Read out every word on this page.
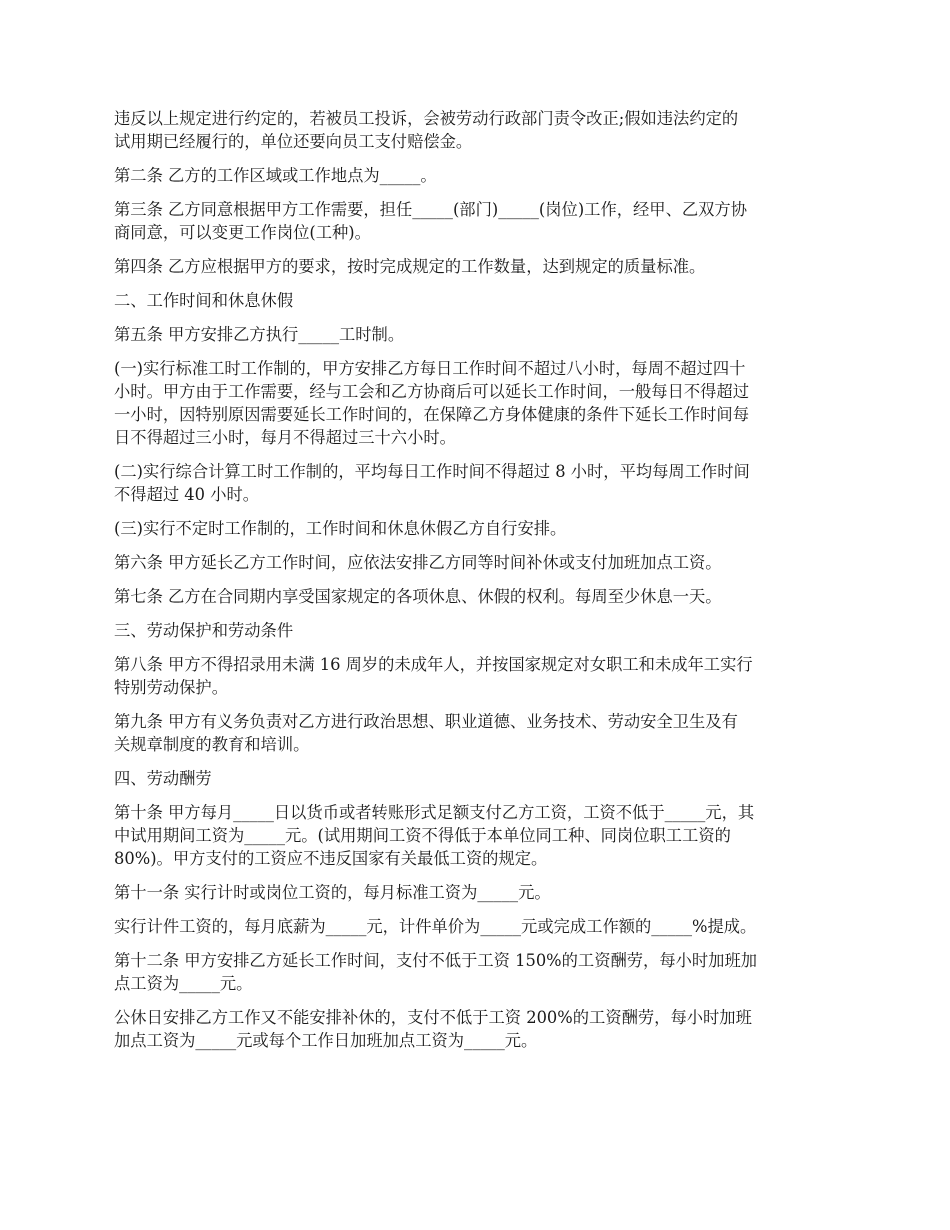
违反以上规定进行约定的，若被员工投诉，会被劳动行政部门责令改正;假如违法约定的
试用期已经履行的，单位还要向员工支付赔偿金。

第二条 乙方的工作区域或工作地点为_____。

第三条 乙方同意根据甲方工作需要，担任_____(部门)_____(岗位)工作，经甲、乙双方协
商同意，可以变更工作岗位(工种)。

第四条 乙方应根据甲方的要求，按时完成规定的工作数量，达到规定的质量标准。

二、工作时间和休息休假

第五条 甲方安排乙方执行_____工时制。

(一)实行标准工时工作制的，甲方安排乙方每日工作时间不超过八小时，每周不超过四十
小时。甲方由于工作需要，经与工会和乙方协商后可以延长工作时间，一般每日不得超过
一小时，因特别原因需要延长工作时间的，在保障乙方身体健康的条件下延长工作时间每
日不得超过三小时，每月不得超过三十六小时。

(二)实行综合计算工时工作制的，平均每日工作时间不得超过 8 小时，平均每周工作时间
不得超过 40 小时。

(三)实行不定时工作制的，工作时间和休息休假乙方自行安排。

第六条 甲方延长乙方工作时间，应依法安排乙方同等时间补休或支付加班加点工资。

第七条 乙方在合同期内享受国家规定的各项休息、休假的权利。每周至少休息一天。

三、劳动保护和劳动条件

第八条 甲方不得招录用未满 16 周岁的未成年人，并按国家规定对女职工和未成年工实行
特别劳动保护。

第九条 甲方有义务负责对乙方进行政治思想、职业道德、业务技术、劳动安全卫生及有
关规章制度的教育和培训。

四、劳动酬劳

第十条 甲方每月_____日以货币或者转账形式足额支付乙方工资，工资不低于_____元，其
中试用期间工资为_____元。(试用期间工资不得低于本单位同工种、同岗位职工工资的
80%)。甲方支付的工资应不违反国家有关最低工资的规定。

第十一条 实行计时或岗位工资的，每月标准工资为_____元。

实行计件工资的，每月底薪为_____元，计件单价为_____元或完成工作额的_____%提成。

第十二条 甲方安排乙方延长工作时间，支付不低于工资 150%的工资酬劳，每小时加班加
点工资为_____元。

公休日安排乙方工作又不能安排补休的，支付不低于工资 200%的工资酬劳，每小时加班
加点工资为_____元或每个工作日加班加点工资为_____元。
